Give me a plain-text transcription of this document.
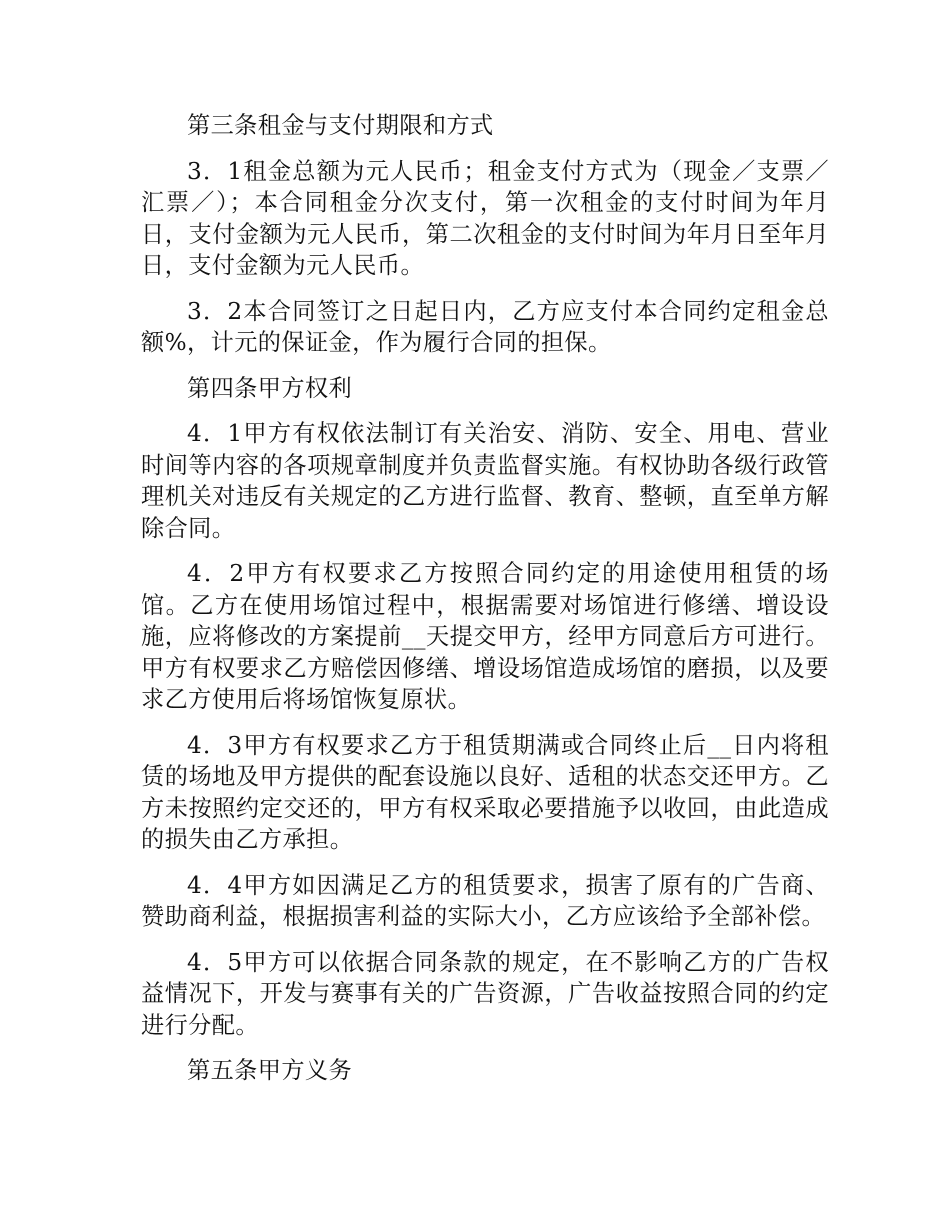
第三条租金与支付期限和方式

3．1租金总额为元人民币；租金支付方式为（现金／支票／汇票／）；本合同租金分次支付，第一次租金的支付时间为年月日，支付金额为元人民币，第二次租金的支付时间为年月日至年月日，支付金额为元人民币。

3．2本合同签订之日起日内，乙方应支付本合同约定租金总额%，计元的保证金，作为履行合同的担保。

第四条甲方权利

4．1甲方有权依法制订有关治安、消防、安全、用电、营业时间等内容的各项规章制度并负责监督实施。有权协助各级行政管理机关对违反有关规定的乙方进行监督、教育、整顿，直至单方解除合同。

4．2甲方有权要求乙方按照合同约定的用途使用租赁的场馆。乙方在使用场馆过程中，根据需要对场馆进行修缮、增设设施，应将修改的方案提前__天提交甲方，经甲方同意后方可进行。甲方有权要求乙方赔偿因修缮、增设场馆造成场馆的磨损，以及要求乙方使用后将场馆恢复原状。

4．3甲方有权要求乙方于租赁期满或合同终止后__日内将租赁的场地及甲方提供的配套设施以良好、适租的状态交还甲方。乙方未按照约定交还的，甲方有权采取必要措施予以收回，由此造成的损失由乙方承担。

4．4甲方如因满足乙方的租赁要求，损害了原有的广告商、赞助商利益，根据损害利益的实际大小，乙方应该给予全部补偿。

4．5甲方可以依据合同条款的规定，在不影响乙方的广告权益情况下，开发与赛事有关的广告资源，广告收益按照合同的约定进行分配。

第五条甲方义务
